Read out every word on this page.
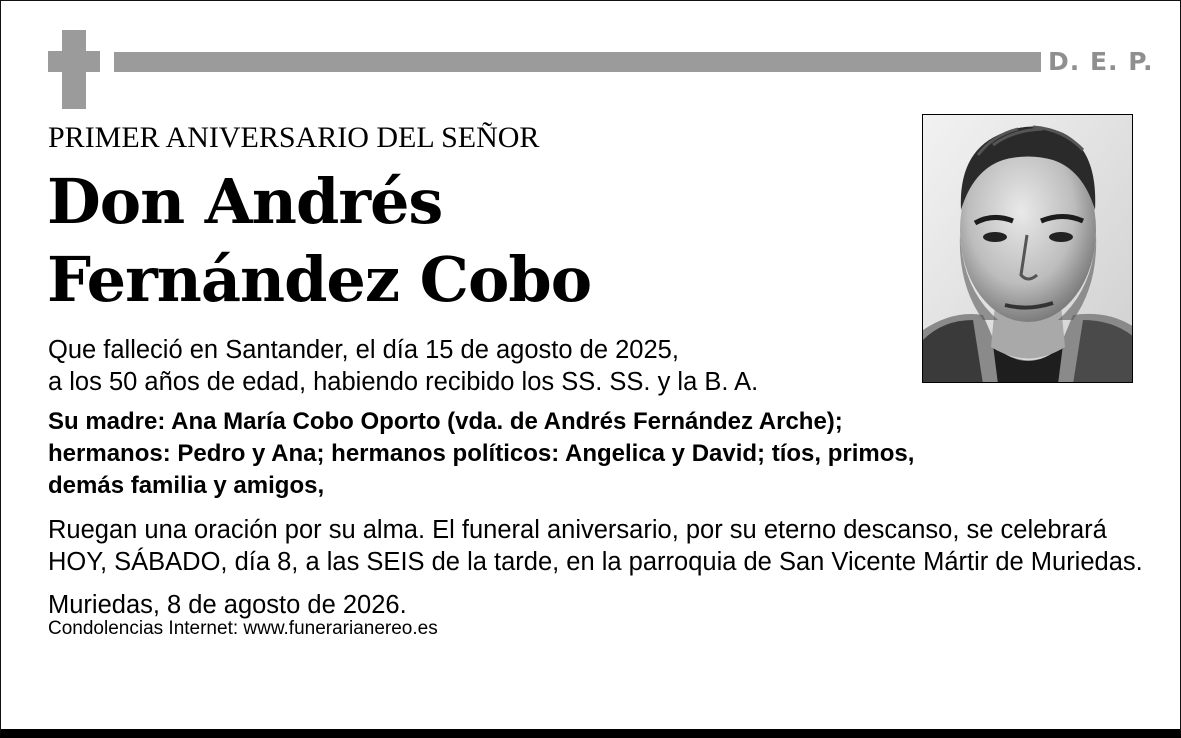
D. E. P.
PRIMER ANIVERSARIO DEL SEÑOR
Don Andrés
Fernández Cobo
Que falleció en Santander, el día 15 de agosto de 2025,
a los 50 años de edad, habiendo recibido los SS. SS. y la B. A.
Su madre: Ana María Cobo Oporto (vda. de Andrés Fernández Arche);
hermanos: Pedro y Ana; hermanos políticos: Angelica y David; tíos, primos,
demás familia y amigos,
Ruegan una oración por su alma. El funeral aniversario, por su eterno descanso, se celebrará
HOY, SÁBADO, día 8, a las SEIS de la tarde, en la parroquia de San Vicente Mártir de Muriedas.
Muriedas, 8 de agosto de 2026.
Condolencias Internet: www.funerarianereo.es
